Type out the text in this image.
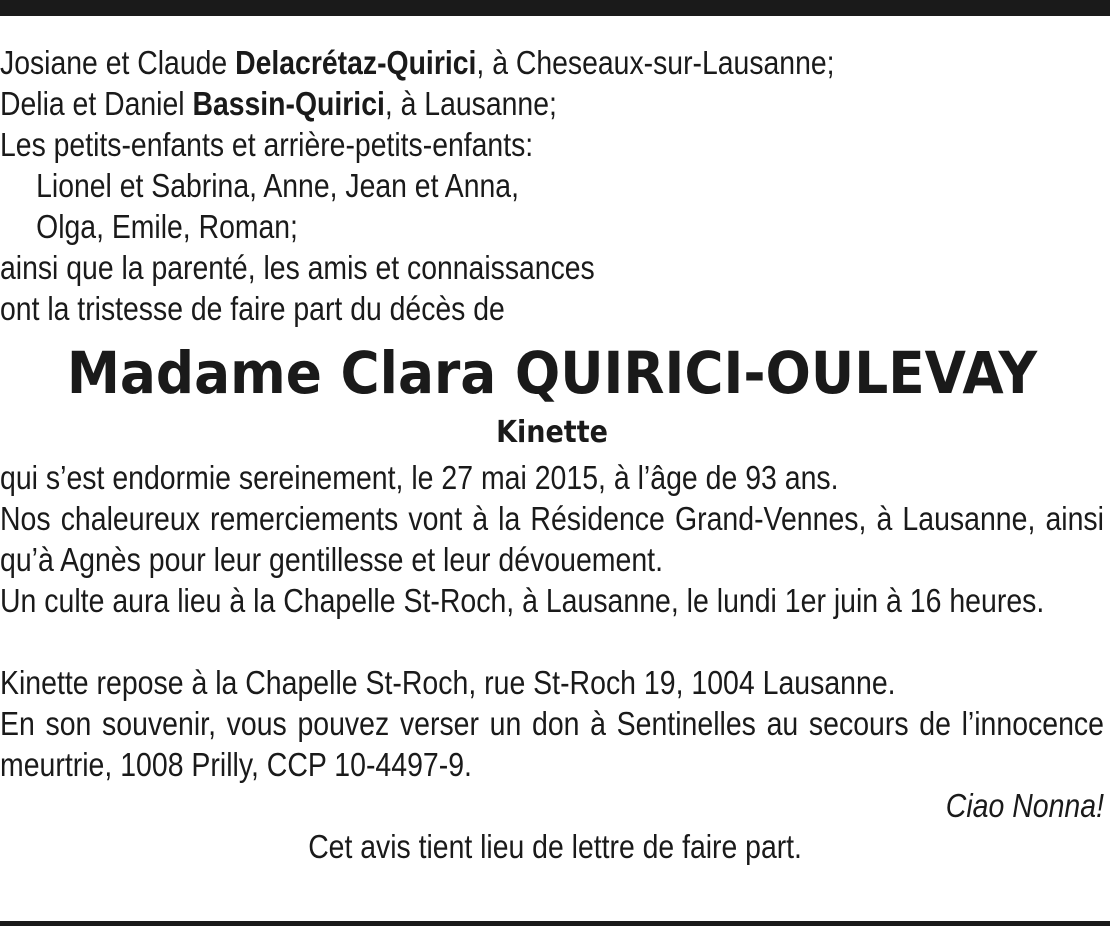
Josiane et Claude Delacrétaz-Quirici, à Cheseaux-sur-Lausanne;
Delia et Daniel Bassin-Quirici, à Lausanne;
Les petits-enfants et arrière-petits-enfants:
Lionel et Sabrina, Anne, Jean et Anna,
Olga, Emile, Roman;
ainsi que la parenté, les amis et connaissances
ont la tristesse de faire part du décès de
Madame Clara QUIRICI-OULEVAY
Kinette
qui s’est endormie sereinement, le 27 mai 2015, à l’âge de 93 ans.
Nos chaleureux remerciements vont à la Résidence Grand-Vennes, à Lausanne, ainsi qu’à Agnès pour leur gentillesse et leur dévouement.
Un culte aura lieu à la Chapelle St-Roch, à Lausanne, le lundi 1er juin à 16 heures.
Kinette repose à la Chapelle St-Roch, rue St-Roch 19, 1004 Lausanne.
En son souvenir, vous pouvez verser un don à Sentinelles au secours de l’innocence meurtrie, 1008 Prilly, CCP 10-4497-9.
Ciao Nonna!
Cet avis tient lieu de lettre de faire part.
